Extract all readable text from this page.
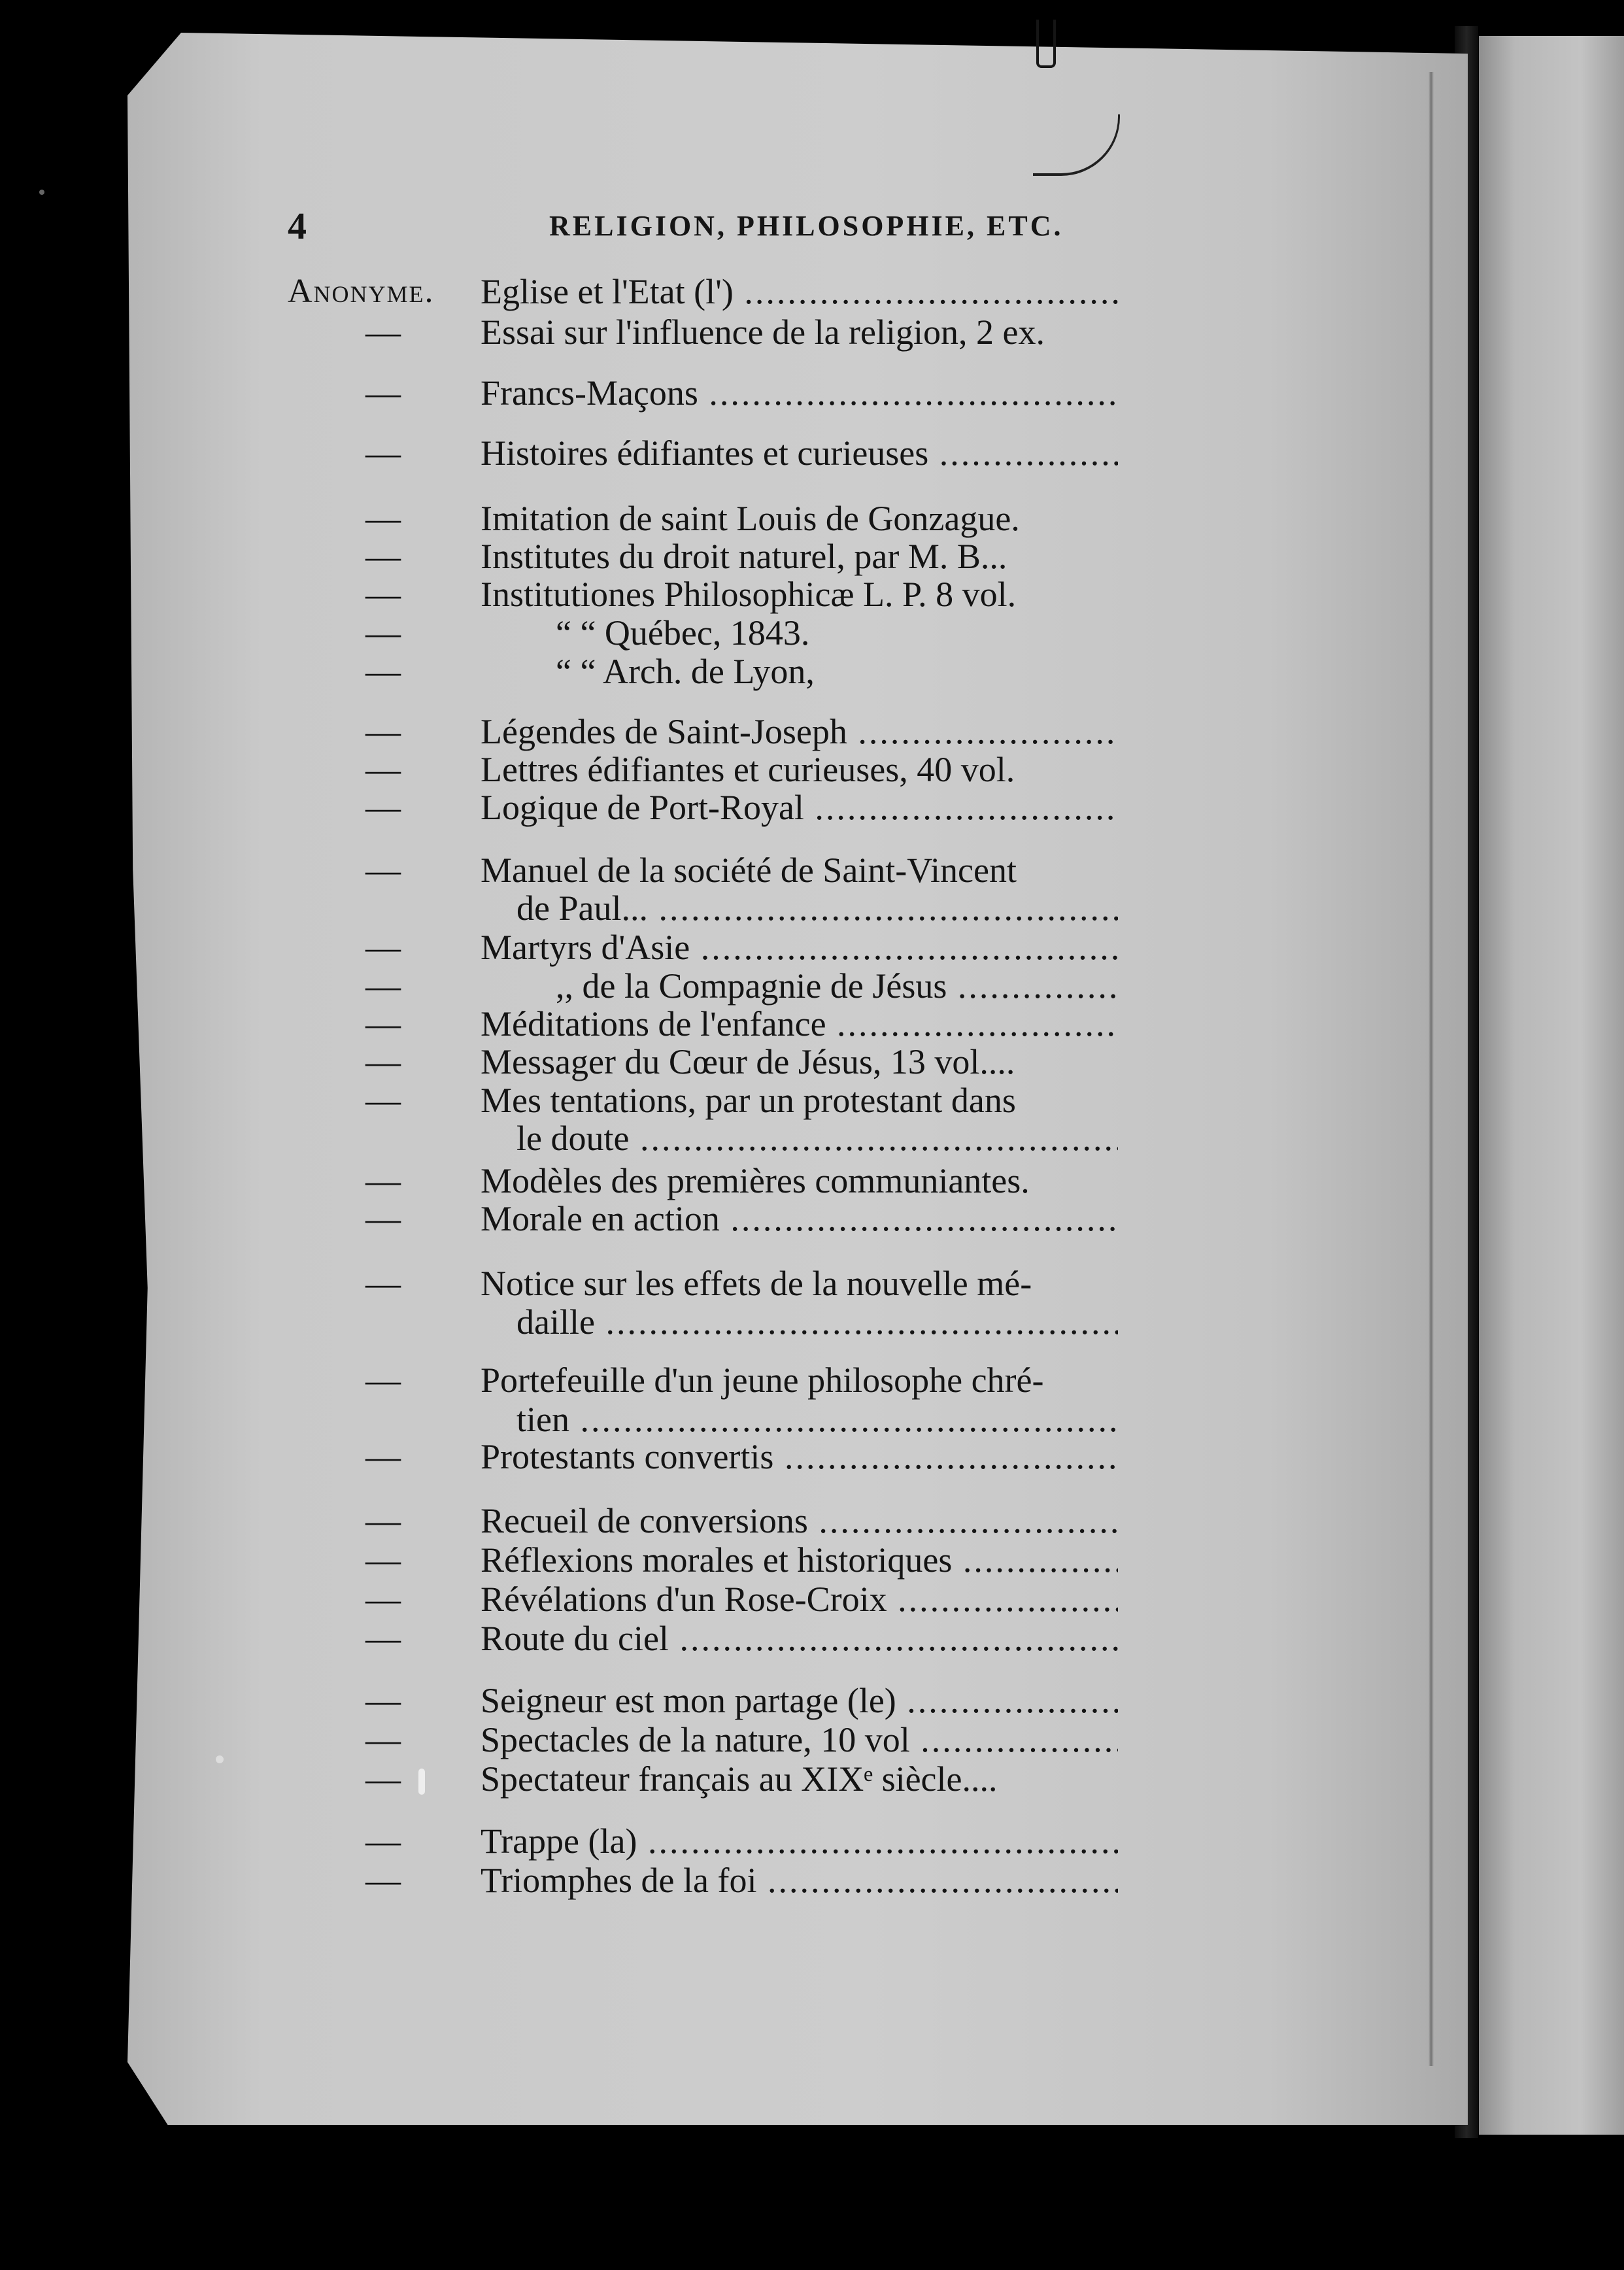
4	RELIGION, PHILOSOPHIE, ETC.
Anonyme. Eglise et l'Etat (l') .....
— Essai sur l'influence de la religion, 2 ex.
— Francs-Maçons .....
— Histoires édifiantes et curieuses .....
— Imitation de saint Louis de Gonzague.
— Institutes du droit naturel, par M. B...
— Institutiones Philosophicæ L. P. 8 vol.
—	“ “ Québec, 1843.
—	“ “ Arch. de Lyon,
— Légendes de Saint-Joseph .....
— Lettres édifiantes et curieuses, 40 vol.
— Logique de Port-Royal .....
— Manuel de la société de Saint-Vincent
de Paul... .....
— Martyrs d'Asie .....
—	,, de la Compagnie de Jésus .....
— Méditations de l'enfance .....
— Messager du Cœur de Jésus, 13 vol....
— Mes tentations, par un protestant dans
le doute .....
— Modèles des premières communiantes.
— Morale en action .....
— Notice sur les effets de la nouvelle mé-
daille .....
— Portefeuille d'un jeune philosophe chré-
tien .....
— Protestants convertis .....
— Recueil de conversions .....
— Réflexions morales et historiques .....
— Révélations d'un Rose-Croix .....
— Route du ciel .....
— Seigneur est mon partage (le) .....
— Spectacles de la nature, 10 vol .....
— Spectateur français au XIXᵉ siècle....
— Trappe (la) .....
— Triomphes de la foi .....
